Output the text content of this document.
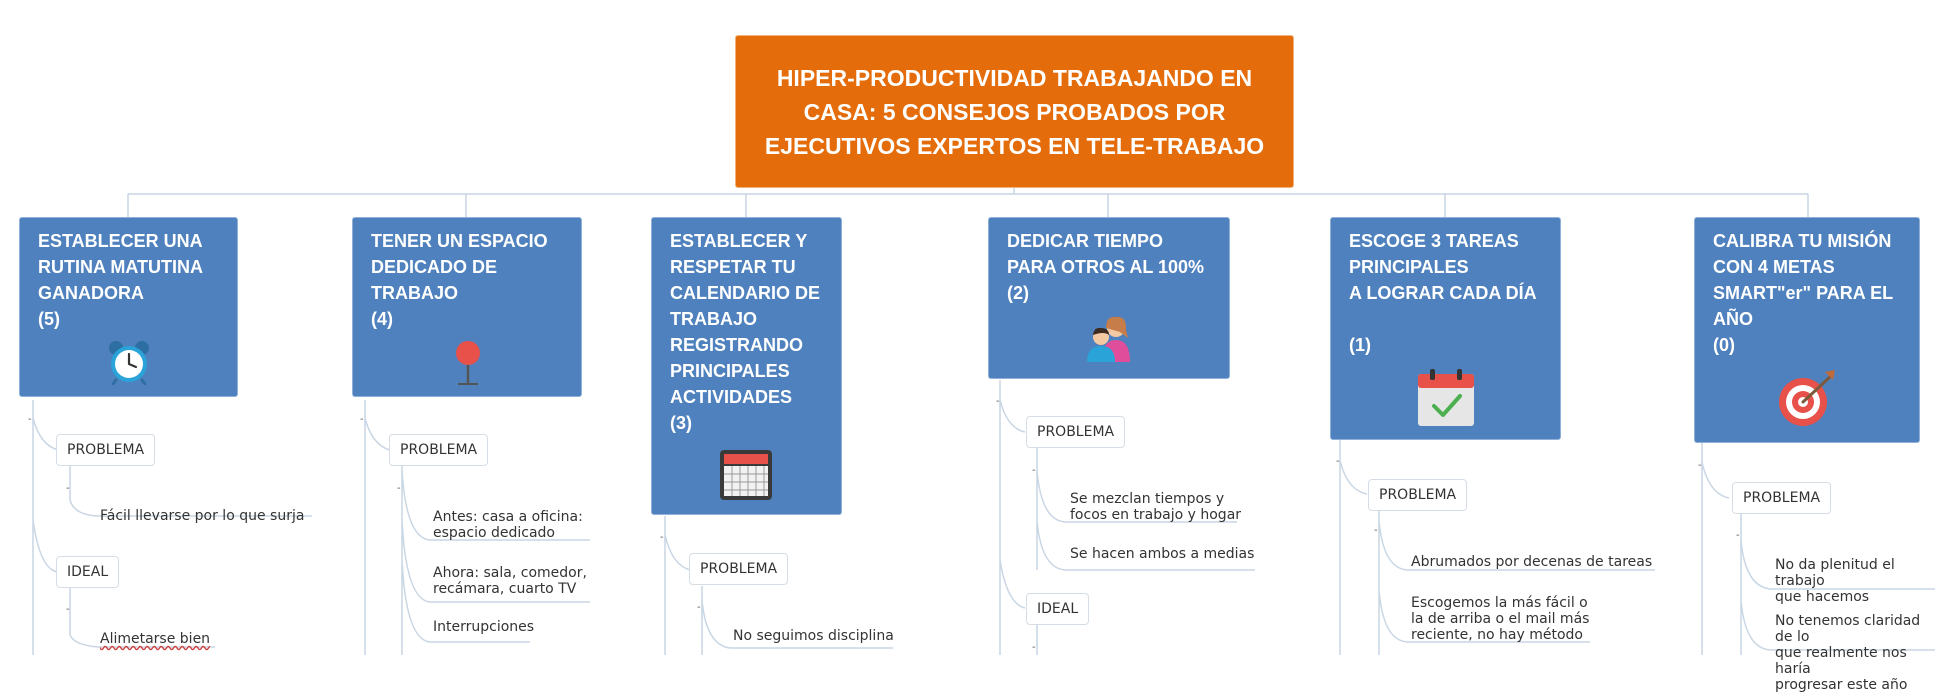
-
-
-
-
-
-
-
-
-
-
-
-
-
-
HIPER-PRODUCTIVIDAD TRABAJANDO EN CASA: 5 CONSEJOS PROBADOS POR EJECUTIVOS EXPERTOS EN TELE-TRABAJO
ESTABLECER UNA
RUTINA MATUTINA
GANADORA
(5)
PROBLEMA
Fácil llevarse por lo que surja
IDEAL
Alimetarse bien
TENER UN ESPACIO
DEDICADO DE
TRABAJO
(4)
PROBLEMA
Antes: casa a oficina:
espacio dedicado
Ahora: sala, comedor,
recámara, cuarto TV
Interrupciones
ESTABLECER Y
RESPETAR TU
CALENDARIO DE
TRABAJO
REGISTRANDO
PRINCIPALES
ACTIVIDADES
(3)
PROBLEMA
No seguimos disciplina
DEDICAR TIEMPO
PARA OTROS AL 100%
(2)
PROBLEMA
Se mezclan tiempos y
focos en trabajo y hogar
Se hacen ambos a medias
IDEAL
ESCOGE 3 TAREAS
PRINCIPALES
A LOGRAR CADA DÍA

(1)
PROBLEMA
Abrumados por decenas de tareas
Escogemos la más fácil o
la de arriba o el mail más
reciente, no hay método
CALIBRA TU MISIÓN
CON 4 METAS
SMART"er" PARA EL
AÑO
(0)
PROBLEMA
No da plenitud el trabajo
que hacemos
No tenemos claridad de lo
que realmente nos haría
progresar este año
